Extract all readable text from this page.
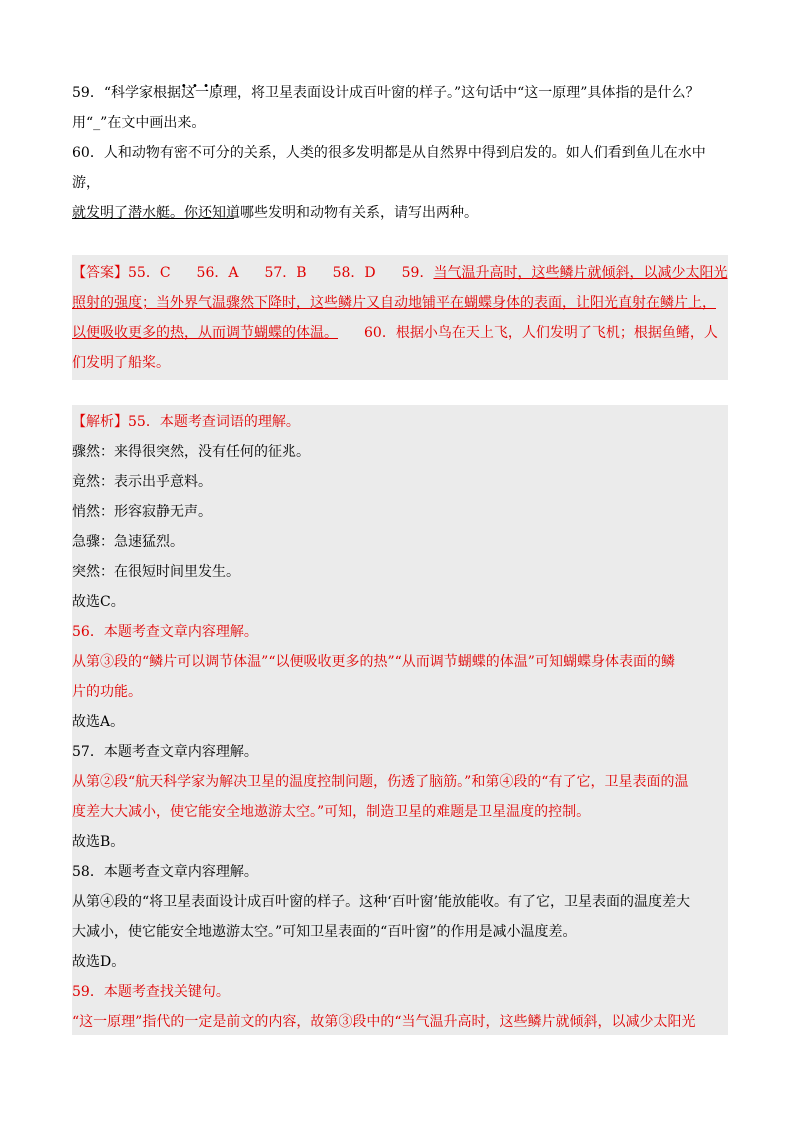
59．“科学家根据· · · · 这一原理，将卫星表面设计成百叶窗的样子。”这句话中“这一原理”具体指的是什么？
用“_”在文中画出来。
60．人和动物有密不可分的关系，人类的很多发明都是从自然界中得到启发的。如人们看到鱼儿在水中游，
就发明了潜水艇。你还知道哪些发明和动物有关系，请写出两种。
【答案】55．C 56．A 57．B 58．D 59．当气温升高时，这些鳞片就倾斜，以减少太阳光
照射的强度；当外界气温骤然下降时，这些鳞片又自动地铺平在蝴蝶身体的表面，让阳光直射在鳞片上，
以便吸收更多的热，从而调节蝴蝶的体温。 60．根据小鸟在天上飞，人们发明了飞机；根据鱼鳍，人
们发明了船桨。
【解析】55．本题考查词语的理解。
骤然：来得很突然，没有任何的征兆。
竟然：表示出乎意料。
悄然：形容寂静无声。
急骤：急速猛烈。
突然：在很短时间里发生。
故选C。
56．本题考查文章内容理解。
从第③段的“鳞片可以调节体温”“以便吸收更多的热”“从而调节蝴蝶的体温”可知蝴蝶身体表面的鳞
片的功能。
故选A。
57．本题考查文章内容理解。
从第②段“航天科学家为解决卫星的温度控制问题，伤透了脑筋。”和第④段的“有了它，卫星表面的温
度差大大减小，使它能安全地遨游太空。”可知，制造卫星的难题是卫星温度的控制。
故选B。
58．本题考查文章内容理解。
从第④段的“将卫星表面设计成百叶窗的样子。这种‘百叶窗’能放能收。有了它，卫星表面的温度差大
大减小，使它能安全地遨游太空。”可知卫星表面的“百叶窗”的作用是减小温度差。
故选D。
59．本题考查找关键句。
“这一原理”指代的一定是前文的内容，故第③段中的“当气温升高时，这些鳞片就倾斜，以减少太阳光
